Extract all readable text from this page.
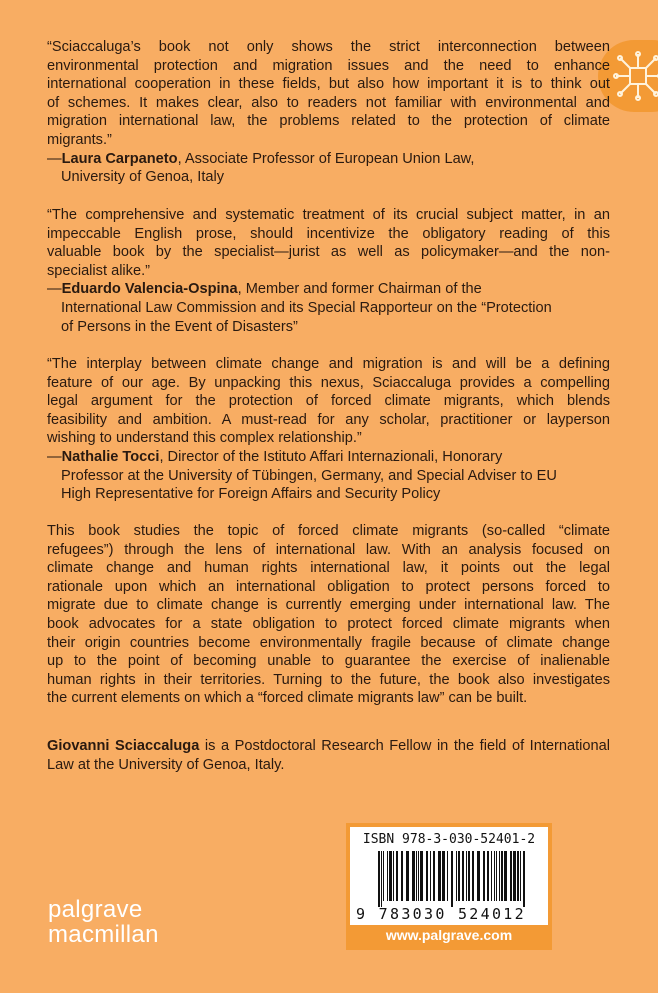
“Sciaccaluga’s book not only shows the strict interconnection between
environmental protection and migration issues and the need to enhance
international cooperation in these fields, but also how important it is to think out
of schemes. It makes clear, also to readers not familiar with environmental and
migration international law, the problems related to the protection of climate
migrants.”
—Laura Carpaneto, Associate Professor of European Union Law,
University of Genoa, Italy
“The comprehensive and systematic treatment of its crucial subject matter, in an
impeccable English prose, should incentivize the obligatory reading of this
valuable book by the specialist—jurist as well as policymaker—and the non-
specialist alike.”
—Eduardo Valencia-Ospina, Member and former Chairman of the
International Law Commission and its Special Rapporteur on the “Protection
of Persons in the Event of Disasters”
“The interplay between climate change and migration is and will be a defining
feature of our age. By unpacking this nexus, Sciaccaluga provides a compelling
legal argument for the protection of forced climate migrants, which blends
feasibility and ambition. A must-read for any scholar, practitioner or layperson
wishing to understand this complex relationship.”
—Nathalie Tocci, Director of the Istituto Affari Internazionali, Honorary
Professor at the University of Tübingen, Germany, and Special Adviser to EU
High Representative for Foreign Affairs and Security Policy
This book studies the topic of forced climate migrants (so-called “climate
refugees”) through the lens of international law. With an analysis focused on
climate change and human rights international law, it points out the legal
rationale upon which an international obligation to protect persons forced to
migrate due to climate change is currently emerging under international law. The
book advocates for a state obligation to protect forced climate migrants when
their origin countries become environmentally fragile because of climate change
up to the point of becoming unable to guarantee the exercise of inalienable
human rights in their territories. Turning to the future, the book also investigates
the current elements on which a “forced climate migrants law” can be built.
Giovanni Sciaccaluga is a Postdoctoral Research Fellow in the field of International
Law at the University of Genoa, Italy.
ISBN 978-3-030-52401-2
9 783030 524012
www.palgrave.com
palgrave
macmillan
